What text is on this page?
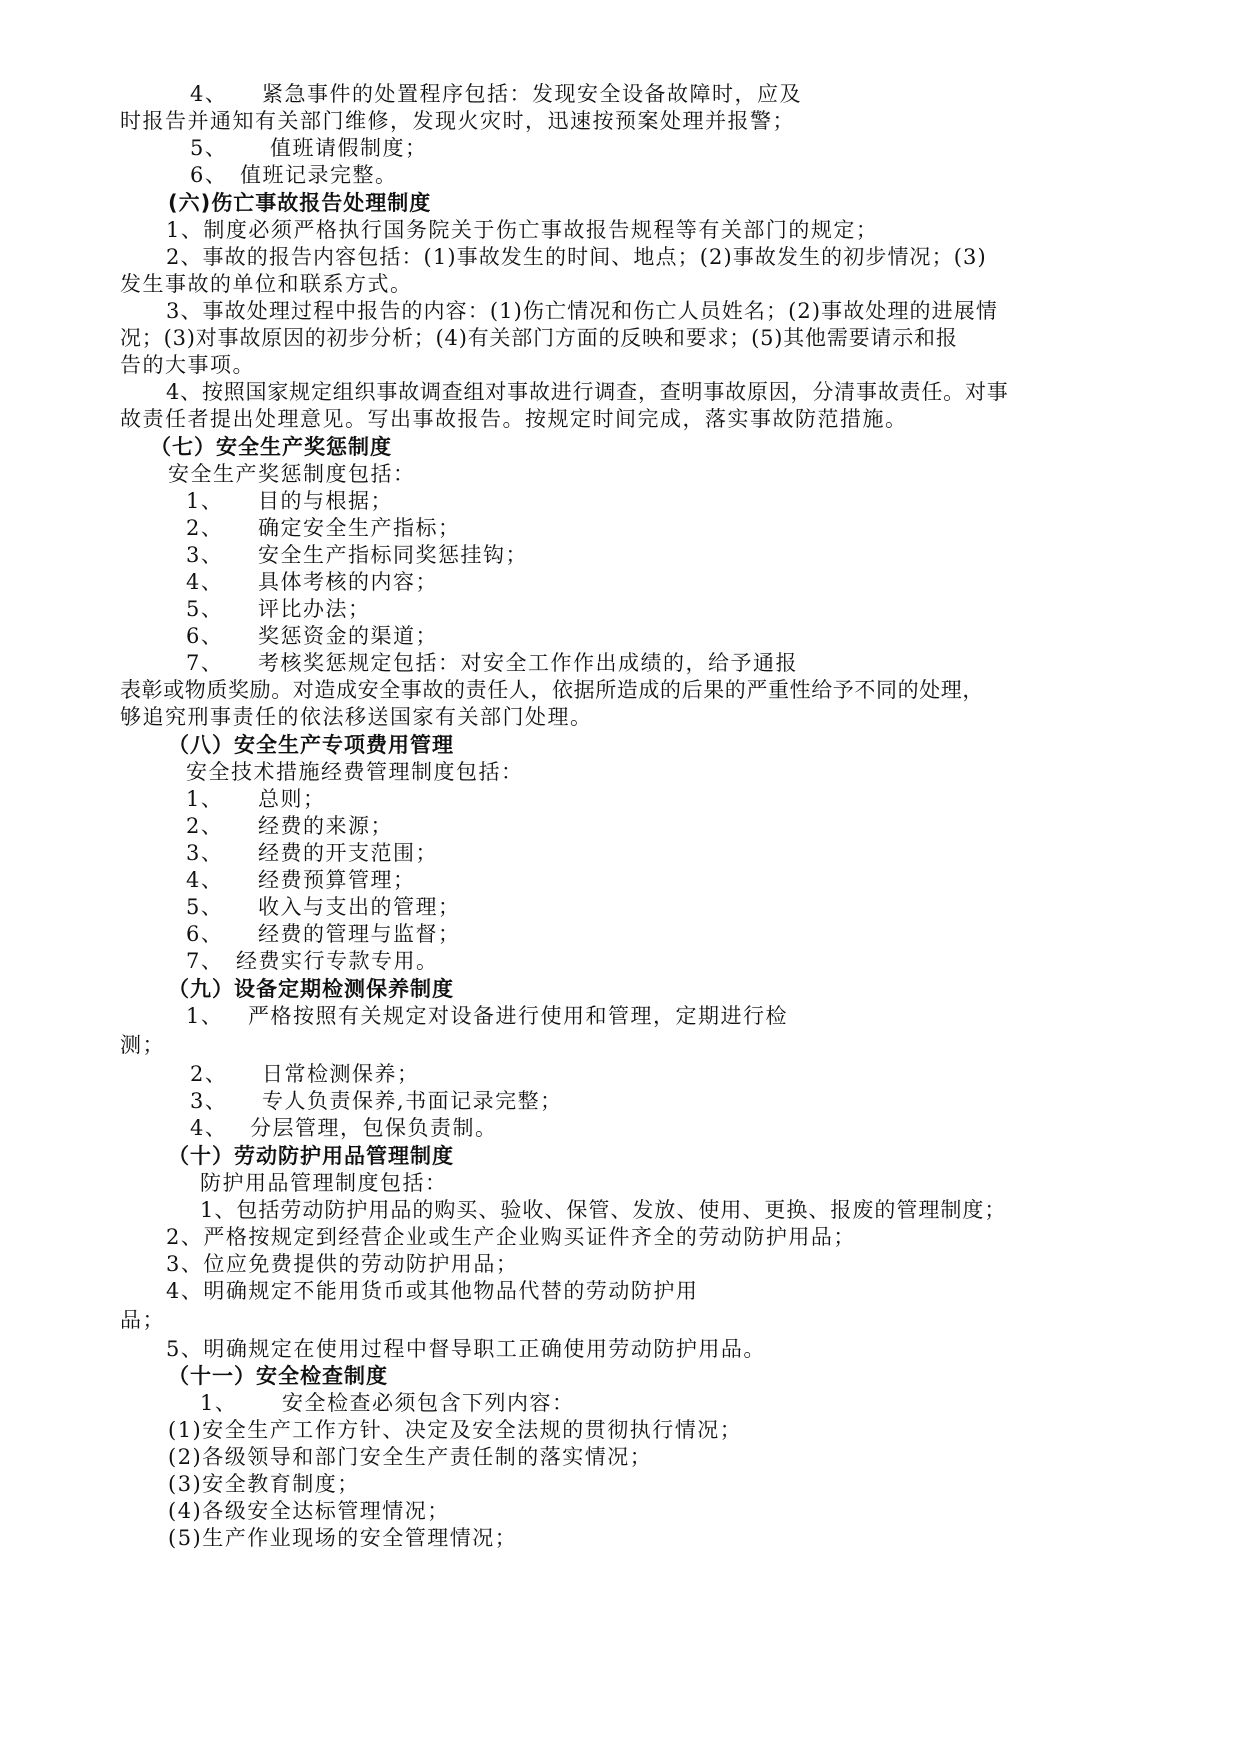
4、 紧急事件的处置程序包括：发现安全设备故障时，应及
时报告并通知有关部门维修，发现火灾时，迅速按预案处理并报警；
5、 值班请假制度；
6、 值班记录完整。
(六)伤亡事故报告处理制度
1、制度必须严格执行国务院关于伤亡事故报告规程等有关部门的规定；
2、事故的报告内容包括：(1)事故发生的时间、地点；(2)事故发生的初步情况；(3)
发生事故的单位和联系方式。
3、事故处理过程中报告的内容：(1)伤亡情况和伤亡人员姓名；(2)事故处理的进展情
况；(3)对事故原因的初步分析；(4)有关部门方面的反映和要求；(5)其他需要请示和报
告的大事项。
4、按照国家规定组织事故调查组对事故进行调查，查明事故原因，分清事故责任。对事
故责任者提出处理意见。写出事故报告。按规定时间完成，落实事故防范措施。
（七）安全生产奖惩制度
安全生产奖惩制度包括：
1、 目的与根据；
2、 确定安全生产指标；
3、 安全生产指标同奖惩挂钩；
4、 具体考核的内容；
5、 评比办法；
6、 奖惩资金的渠道；
7、 考核奖惩规定包括：对安全工作作出成绩的，给予通报
表彰或物质奖励。对造成安全事故的责任人，依据所造成的后果的严重性给予不同的处理，
够追究刑事责任的依法移送国家有关部门处理。
（八）安全生产专项费用管理
安全技术措施经费管理制度包括：
1、 总则；
2、 经费的来源；
3、 经费的开支范围；
4、 经费预算管理；
5、 收入与支出的管理；
6、 经费的管理与监督；
7、 经费实行专款专用。
（九）设备定期检测保养制度
1、 严格按照有关规定对设备进行使用和管理，定期进行检
测；
2、 日常检测保养；
3、 专人负责保养,书面记录完整；
4、 分层管理，包保负责制。
（十）劳动防护用品管理制度
防护用品管理制度包括：
1、包括劳动防护用品的购买、验收、保管、发放、使用、更换、报废的管理制度；
2、严格按规定到经营企业或生产企业购买证件齐全的劳动防护用品；
3、位应免费提供的劳动防护用品；
4、明确规定不能用货币或其他物品代替的劳动防护用
品；
5、明确规定在使用过程中督导职工正确使用劳动防护用品。
（十一）安全检查制度
1、 安全检查必须包含下列内容：
(1)安全生产工作方针、决定及安全法规的贯彻执行情况；
(2)各级领导和部门安全生产责任制的落实情况；
(3)安全教育制度；
(4)各级安全达标管理情况；
(5)生产作业现场的安全管理情况；
